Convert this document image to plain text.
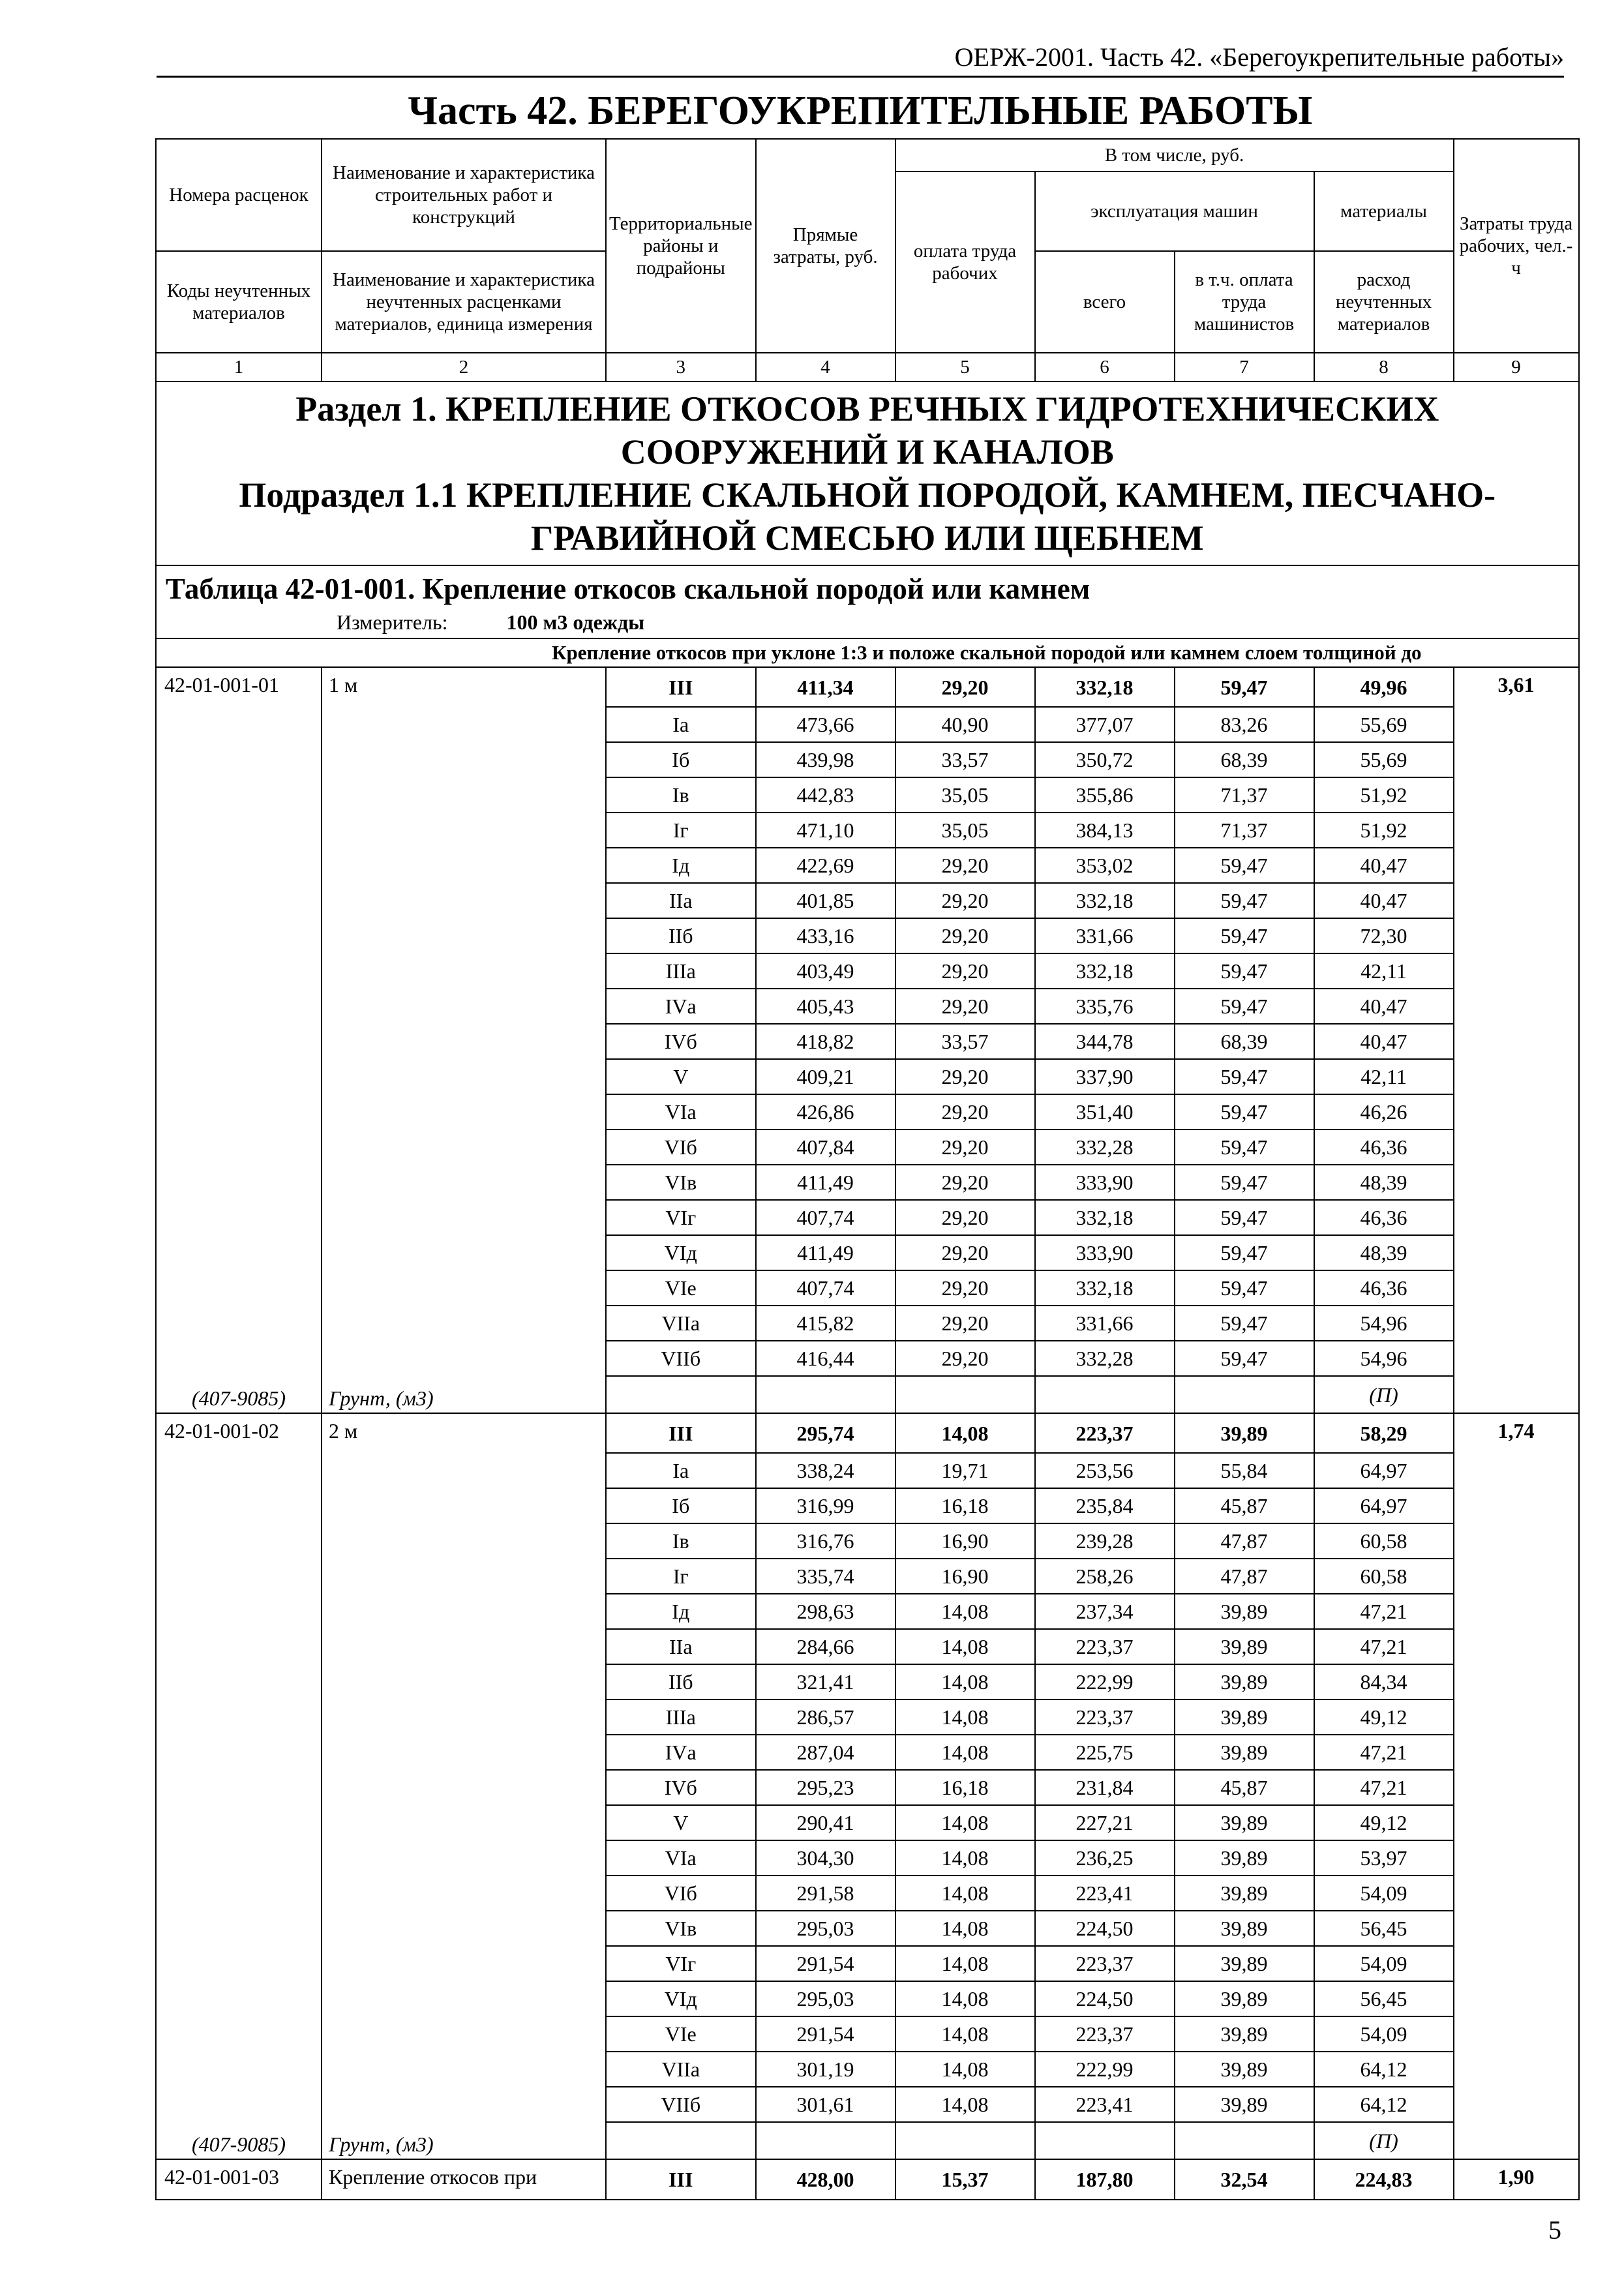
ОЕРЖ-2001. Часть 42. «Берегоукрепительные работы»
Часть 42. БЕРЕГОУКРЕПИТЕЛЬНЫЕ РАБОТЫ
Номера расценок	Наименование и характеристика строительных работ и конструкций	Территориальные районы и подрайоны	Прямые затраты, руб.	В том числе, руб.				Затраты труда рабочих, чел.-ч
				оплата труда рабочих	эксплуатация машин		материалы	
Коды неучтенных материалов	Наименование и характеристика неучтенных расценками материалов, единица измерения				всего	в т.ч. оплата труда машинистов	расход неучтенных материалов	
1	2	3	4	5	6	7	8	9

Раздел 1. КРЕПЛЕНИЕ ОТКОСОВ РЕЧНЫХ ГИДРОТЕХНИЧЕСКИХ СООРУЖЕНИЙ И КАНАЛОВ
Подраздел 1.1 КРЕПЛЕНИЕ СКАЛЬНОЙ ПОРОДОЙ, КАМНЕМ, ПЕСЧАНО-ГРАВИЙНОЙ СМЕСЬЮ ИЛИ ЩЕБНЕМ								

Таблица 42-01-001. Крепление откосов скальной породой или камнем
Измеритель: 100 м3 одежды								

Крепление откосов при уклоне 1:3 и положе скальной породой или камнем слоем толщиной до								
42-01-001-01	1 м	III	411,34	29,20	332,18	59,47	49,96	3,61
		Iа	473,66	40,90	377,07	83,26	55,69	
		Iб	439,98	33,57	350,72	68,39	55,69	
		Iв	442,83	35,05	355,86	71,37	51,92	
		Iг	471,10	35,05	384,13	71,37	51,92	
		Iд	422,69	29,20	353,02	59,47	40,47	
		IIа	401,85	29,20	332,18	59,47	40,47	
		IIб	433,16	29,20	331,66	59,47	72,30	
		IIIа	403,49	29,20	332,18	59,47	42,11	
		IVа	405,43	29,20	335,76	59,47	40,47	
		IVб	418,82	33,57	344,78	68,39	40,47	
		V	409,21	29,20	337,90	59,47	42,11	
		VIа	426,86	29,20	351,40	59,47	46,26	
		VIб	407,84	29,20	332,28	59,47	46,36	
		VIв	411,49	29,20	333,90	59,47	48,39	
		VIг	407,74	29,20	332,18	59,47	46,36	
		VIд	411,49	29,20	333,90	59,47	48,39	
		VIе	407,74	29,20	332,18	59,47	46,36	
		VIIа	415,82	29,20	331,66	59,47	54,96	
		VIIб	416,44	29,20	332,28	59,47	54,96	
(407-9085)	Грунт, (м3)						(П)	
42-01-001-02	2 м	III	295,74	14,08	223,37	39,89	58,29	1,74
		Iа	338,24	19,71	253,56	55,84	64,97	
		Iб	316,99	16,18	235,84	45,87	64,97	
		Iв	316,76	16,90	239,28	47,87	60,58	
		Iг	335,74	16,90	258,26	47,87	60,58	
		Iд	298,63	14,08	237,34	39,89	47,21	
		IIа	284,66	14,08	223,37	39,89	47,21	
		IIб	321,41	14,08	222,99	39,89	84,34	
		IIIа	286,57	14,08	223,37	39,89	49,12	
		IVа	287,04	14,08	225,75	39,89	47,21	
		IVб	295,23	16,18	231,84	45,87	47,21	
		V	290,41	14,08	227,21	39,89	49,12	
		VIа	304,30	14,08	236,25	39,89	53,97	
		VIб	291,58	14,08	223,41	39,89	54,09	
		VIв	295,03	14,08	224,50	39,89	56,45	
		VIг	291,54	14,08	223,37	39,89	54,09	
		VIд	295,03	14,08	224,50	39,89	56,45	
		VIе	291,54	14,08	223,37	39,89	54,09	
		VIIа	301,19	14,08	222,99	39,89	64,12	
		VIIб	301,61	14,08	223,41	39,89	64,12	
(407-9085)	Грунт, (м3)						(П)	
42-01-001-03	Крепление откосов при	III	428,00	15,37	187,80	32,54	224,83	1,90
5
